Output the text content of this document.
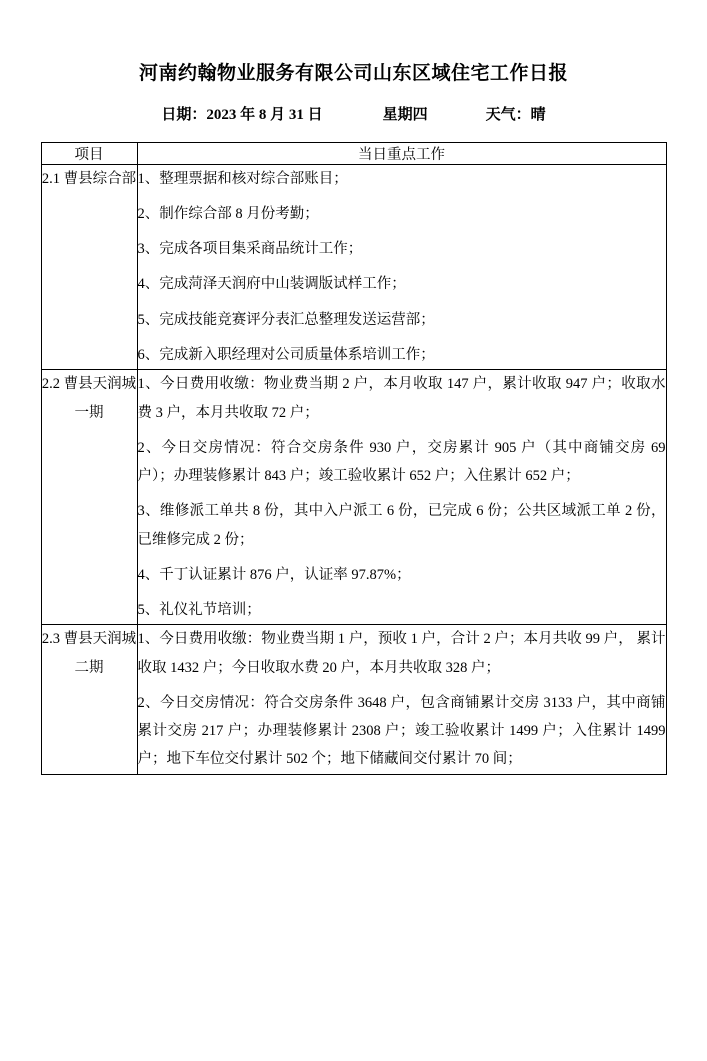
河南约翰物业服务有限公司山东区域住宅工作日报
日期：2023 年 8 月 31 日	星期四	天气：晴
项目	当日重点工作
2.1 曹县综合部	1、整理票据和核对综合部账目；

2、制作综合部 8 月份考勤；

3、完成各项目集采商品统计工作；

4、完成菏泽天润府中山装调版试样工作；

5、完成技能竞赛评分表汇总整理发送运营部；

6、完成新入职经理对公司质量体系培训工作；

2.2 曹县天润城一期	1、今日费用收缴：物业费当期 2 户，本月收取 147 户，累计收取 947 户；收取水费 3 户，本月共收取 72 户；

2、今日交房情况：符合交房条件 930 户，交房累计 905 户（其中商铺交房 69 户）；办理装修累计 843 户；竣工验收累计 652 户；入住累计 652 户；

3、维修派工单共 8 份，其中入户派工 6 份，已完成 6 份；公共区域派工单 2 份，已维修完成 2 份；

4、千丁认证累计 876 户，认证率 97.87%；

5、礼仪礼节培训；

2.3 曹县天润城二期	1、今日费用收缴：物业费当期 1 户，预收 1 户，合计 2 户；本月共收 99 户， 累计收取 1432 户；今日收取水费 20 户，本月共收取 328 户；

2、今日交房情况：符合交房条件 3648 户，包含商铺累计交房 3133 户，其中商铺累计交房 217 户；办理装修累计 2308 户；竣工验收累计 1499 户；入住累计 1499 户；地下车位交付累计 502 个；地下储藏间交付累计 70 间；
